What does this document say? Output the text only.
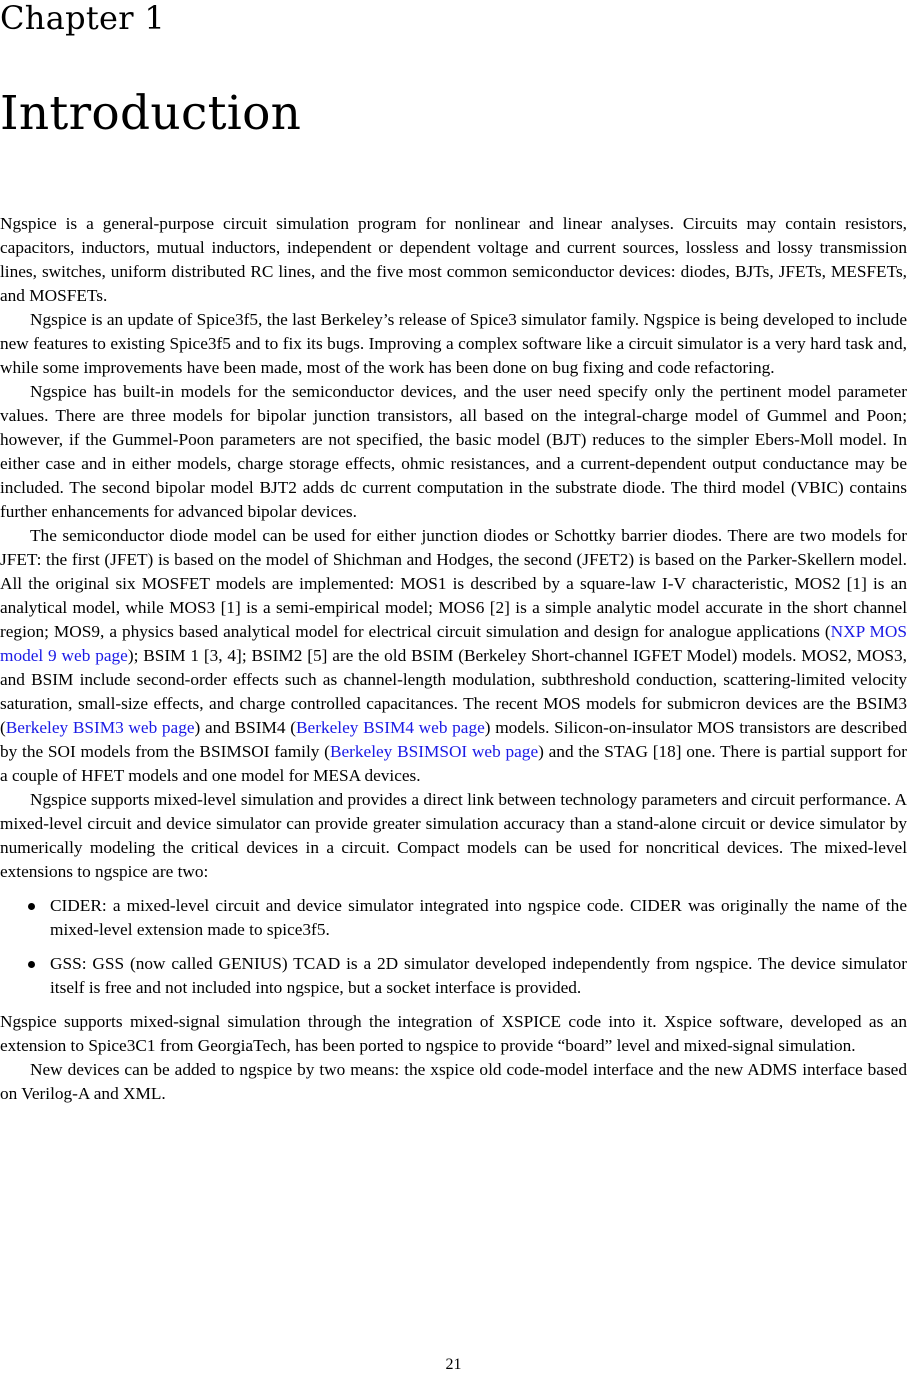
Chapter 1
Introduction

Ngspice is a general-purpose circuit simulation program for nonlinear and linear analyses. Circuits may contain resistors, capacitors, inductors, mutual inductors, independent or dependent voltage and current sources, lossless and lossy transmission lines, switches, uniform distributed RC lines, and the five most common semiconductor devices: diodes, BJTs, JFETs, MESFETs, and MOSFETs.

Ngspice is an update of Spice3f5, the last Berkeley’s release of Spice3 simulator family. Ngspice is being developed to include new features to existing Spice3f5 and to fix its bugs. Improving a complex software like a circuit simulator is a very hard task and, while some improvements have been made, most of the work has been done on bug fixing and code refactoring.

Ngspice has built-in models for the semiconductor devices, and the user need specify only the pertinent model parameter values. There are three models for bipolar junction transistors, all based on the integral-charge model of Gummel and Poon; however, if the Gummel-Poon parameters are not specified, the basic model (BJT) reduces to the simpler Ebers-Moll model. In either case and in either models, charge storage effects, ohmic resistances, and a current-dependent output conductance may be included. The second bipolar model BJT2 adds dc current computation in the substrate diode. The third model (VBIC) contains further enhancements for advanced bipolar devices.

The semiconductor diode model can be used for either junction diodes or Schottky barrier diodes. There are two models for JFET: the first (JFET) is based on the model of Shichman and Hodges, the second (JFET2) is based on the Parker-Skellern model. All the original six MOSFET models are implemented: MOS1 is described by a square-law I-V characteristic, MOS2 [1] is an analytical model, while MOS3 [1] is a semi-empirical model; MOS6 [2] is a simple analytic model accurate in the short channel region; MOS9, a physics based analytical model for electrical circuit simulation and design for analogue applications (NXP MOS model 9 web page); BSIM 1 [3, 4]; BSIM2 [5] are the old BSIM (Berkeley Short-channel IGFET Model) models. MOS2, MOS3, and BSIM include second-order effects such as channel-length modulation, subthreshold conduction, scattering-limited velocity saturation, small-size effects, and charge controlled capacitances. The recent MOS models for submicron devices are the BSIM3 (Berkeley BSIM3 web page) and BSIM4 (Berkeley BSIM4 web page) models. Silicon-on-insulator MOS transistors are described by the SOI models from the BSIMSOI family (Berkeley BSIMSOI web page) and the STAG [18] one. There is partial support for a couple of HFET models and one model for MESA devices.

Ngspice supports mixed-level simulation and provides a direct link between technology parameters and circuit performance. A mixed-level circuit and device simulator can provide greater simulation accuracy than a stand-alone circuit or device simulator by numerically modeling the critical devices in a circuit. Compact models can be used for noncritical devices. The mixed-level extensions to ngspice are two:

CIDER: a mixed-level circuit and device simulator integrated into ngspice code. CIDER was originally the name of the mixed-level extension made to spice3f5.
GSS: GSS (now called GENIUS) TCAD is a 2D simulator developed independently from ngspice. The device simulator itself is free and not included into ngspice, but a socket interface is provided.

Ngspice supports mixed-signal simulation through the integration of XSPICE code into it. Xspice software, developed as an extension to Spice3C1 from GeorgiaTech, has been ported to ngspice to provide “board” level and mixed-signal simulation.

New devices can be added to ngspice by two means: the xspice old code-model interface and the new ADMS interface based on Verilog-A and XML.

21
